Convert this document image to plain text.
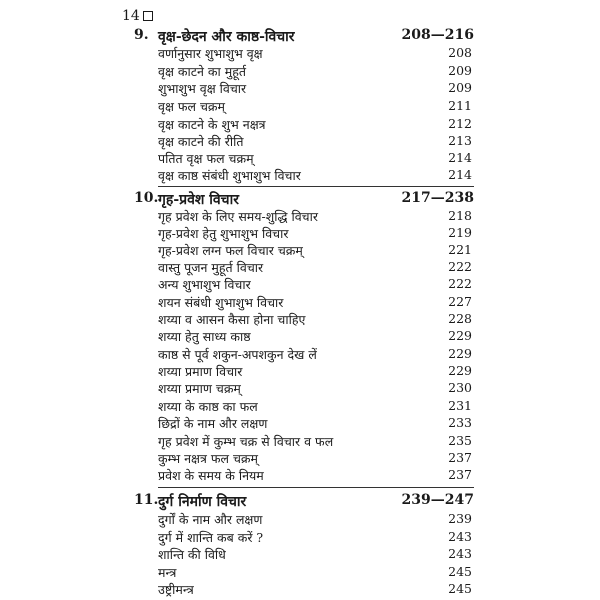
14
9. वृक्ष-छेदन और काष्ठ-विचार	208—216
वर्णानुसार शुभाशुभ वृक्ष	208
वृक्ष काटने का मुहूर्त	209
शुभाशुभ वृक्ष विचार	209
वृक्ष फल चक्रम्	211
वृक्ष काटने के शुभ नक्षत्र	212
वृक्ष काटने की रीति	213
पतित वृक्ष फल चक्रम्	214
वृक्ष काष्ठ संबंधी शुभाशुभ विचार	214
10. गृह-प्रवेश विचार	217—238
गृह प्रवेश के लिए समय-शुद्धि विचार	218
गृह-प्रवेश हेतु शुभाशुभ विचार	219
गृह-प्रवेश लग्न फल विचार चक्रम्	221
वास्तु पूजन मुहूर्त विचार	222
अन्य शुभाशुभ विचार	222
शयन संबंधी शुभाशुभ विचार	227
शय्या व आसन कैसा होना चाहिए	228
शय्या हेतु साध्य काष्ठ	229
काष्ठ से पूर्व शकुन-अपशकुन देख लें	229
शय्या प्रमाण विचार	229
शय्या प्रमाण चक्रम्	230
शय्या के काष्ठ का फल	231
छिद्रों के नाम और लक्षण	233
गृह प्रवेश में कुम्भ चक्र से विचार व फल	235
कुम्भ नक्षत्र फल चक्रम्	237
प्रवेश के समय के नियम	237
11. दुर्ग निर्माण विचार	239—247
दुर्गों के नाम और लक्षण	239
दुर्ग में शान्ति कब करें ?	243
शान्ति की विधि	243
मन्त्र	245
उष्ट्रीमन्त्र	245
